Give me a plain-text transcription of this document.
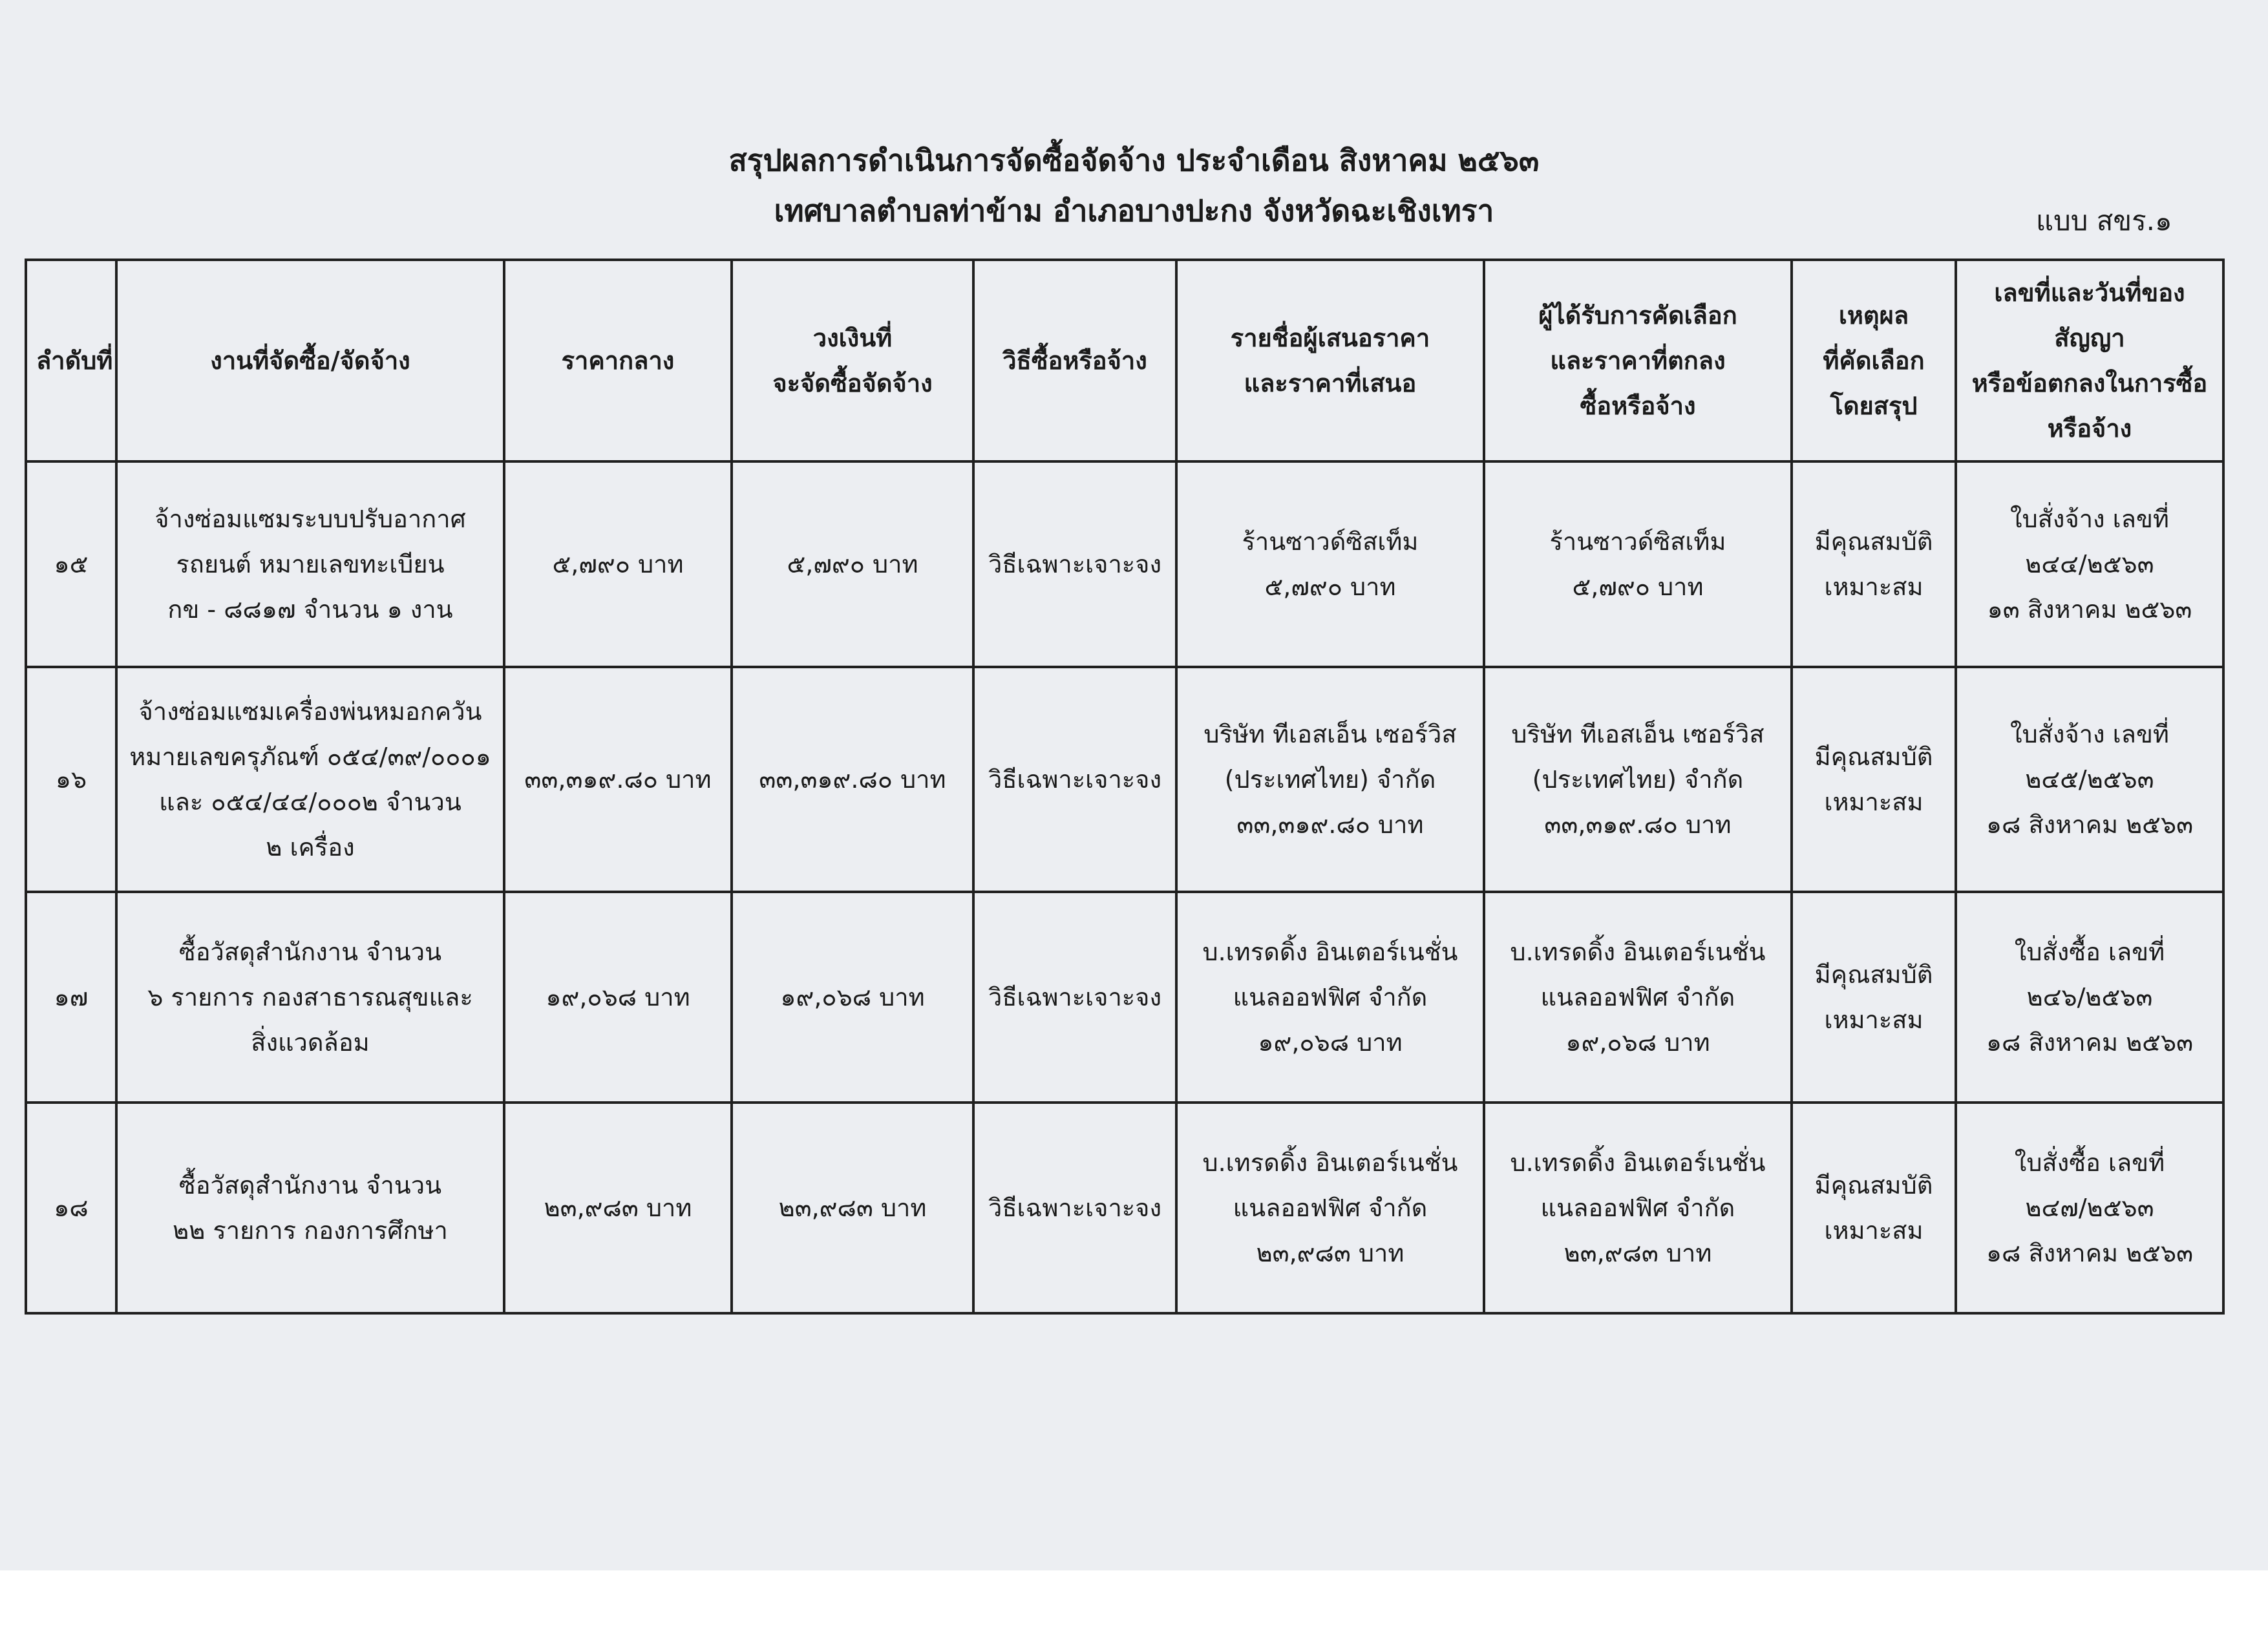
สรุปผลการดำเนินการจัดซื้อจัดจ้าง ประจำเดือน สิงหาคม ๒๕๖๓
เทศบาลตำบลท่าข้าม อำเภอบางปะกง จังหวัดฉะเชิงเทรา	แบบ สขร.๑
ลำดับที่	งานที่จัดซื้อ/จัดจ้าง	ราคากลาง	วงเงินที่
จะจัดซื้อจัดจ้าง	วิธีซื้อหรือจ้าง	รายชื่อผู้เสนอราคา
และราคาที่เสนอ	ผู้ได้รับการคัดเลือก
และราคาที่ตกลง
ซื้อหรือจ้าง	เหตุผล
ที่คัดเลือก
โดยสรุป	เลขที่และวันที่ของ
สัญญา
หรือข้อตกลงในการซื้อ
หรือจ้าง

๑๕	จ้างซ่อมแซมระบบปรับอากาศ
รถยนต์ หมายเลขทะเบียน
กข - ๘๘๑๗ จำนวน ๑ งาน	๕,๗๙๐ บาท	๕,๗๙๐ บาท	วิธีเฉพาะเจาะจง	ร้านซาวด์ซิสเท็ม
๕,๗๙๐ บาท	ร้านซาวด์ซิสเท็ม
๕,๗๙๐ บาท	มีคุณสมบัติ
เหมาะสม	ใบสั่งจ้าง เลขที่
๒๔๔/๒๕๖๓
๑๓ สิงหาคม ๒๕๖๓

๑๖	จ้างซ่อมแซมเครื่องพ่นหมอกควัน
หมายเลขครุภัณฑ์ ๐๕๔/๓๙/๐๐๐๑
และ ๐๕๔/๔๔/๐๐๐๒ จำนวน
๒ เครื่อง	๓๓,๓๑๙.๘๐ บาท	๓๓,๓๑๙.๘๐ บาท	วิธีเฉพาะเจาะจง	บริษัท ทีเอสเอ็น เซอร์วิส
(ประเทศไทย) จำกัด
๓๓,๓๑๙.๘๐ บาท	บริษัท ทีเอสเอ็น เซอร์วิส
(ประเทศไทย) จำกัด
๓๓,๓๑๙.๘๐ บาท	มีคุณสมบัติ
เหมาะสม	ใบสั่งจ้าง เลขที่
๒๔๕/๒๕๖๓
๑๘ สิงหาคม ๒๕๖๓

๑๗	ซื้อวัสดุสำนักงาน จำนวน
๖ รายการ กองสาธารณสุขและ
สิ่งแวดล้อม	๑๙,๐๖๘ บาท	๑๙,๐๖๘ บาท	วิธีเฉพาะเจาะจง	บ.เทรดดิ้ง อินเตอร์เนชั่น
แนลออฟฟิศ จำกัด
๑๙,๐๖๘ บาท	บ.เทรดดิ้ง อินเตอร์เนชั่น
แนลออฟฟิศ จำกัด
๑๙,๐๖๘ บาท	มีคุณสมบัติ
เหมาะสม	ใบสั่งซื้อ เลขที่
๒๔๖/๒๕๖๓
๑๘ สิงหาคม ๒๕๖๓

๑๘	ซื้อวัสดุสำนักงาน จำนวน
๒๒ รายการ กองการศึกษา	๒๓,๙๘๓ บาท	๒๓,๙๘๓ บาท	วิธีเฉพาะเจาะจง	บ.เทรดดิ้ง อินเตอร์เนชั่น
แนลออฟฟิศ จำกัด
๒๓,๙๘๓ บาท	บ.เทรดดิ้ง อินเตอร์เนชั่น
แนลออฟฟิศ จำกัด
๒๓,๙๘๓ บาท	มีคุณสมบัติ
เหมาะสม	ใบสั่งซื้อ เลขที่
๒๔๗/๒๕๖๓
๑๘ สิงหาคม ๒๕๖๓
